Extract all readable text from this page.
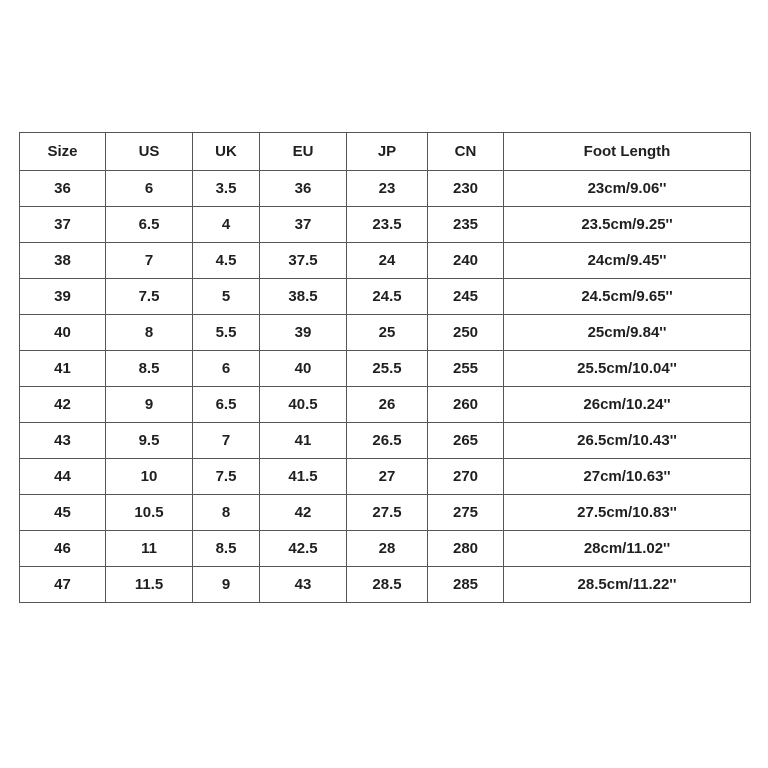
Size	US	UK	EU	JP	CN	Foot Length
36	6	3.5	36	23	230	23cm/9.06''
37	6.5	4	37	23.5	235	23.5cm/9.25''
38	7	4.5	37.5	24	240	24cm/9.45''
39	7.5	5	38.5	24.5	245	24.5cm/9.65''
40	8	5.5	39	25	250	25cm/9.84''
41	8.5	6	40	25.5	255	25.5cm/10.04''
42	9	6.5	40.5	26	260	26cm/10.24''
43	9.5	7	41	26.5	265	26.5cm/10.43''
44	10	7.5	41.5	27	270	27cm/10.63''
45	10.5	8	42	27.5	275	27.5cm/10.83''
46	11	8.5	42.5	28	280	28cm/11.02''
47	11.5	9	43	28.5	285	28.5cm/11.22''
